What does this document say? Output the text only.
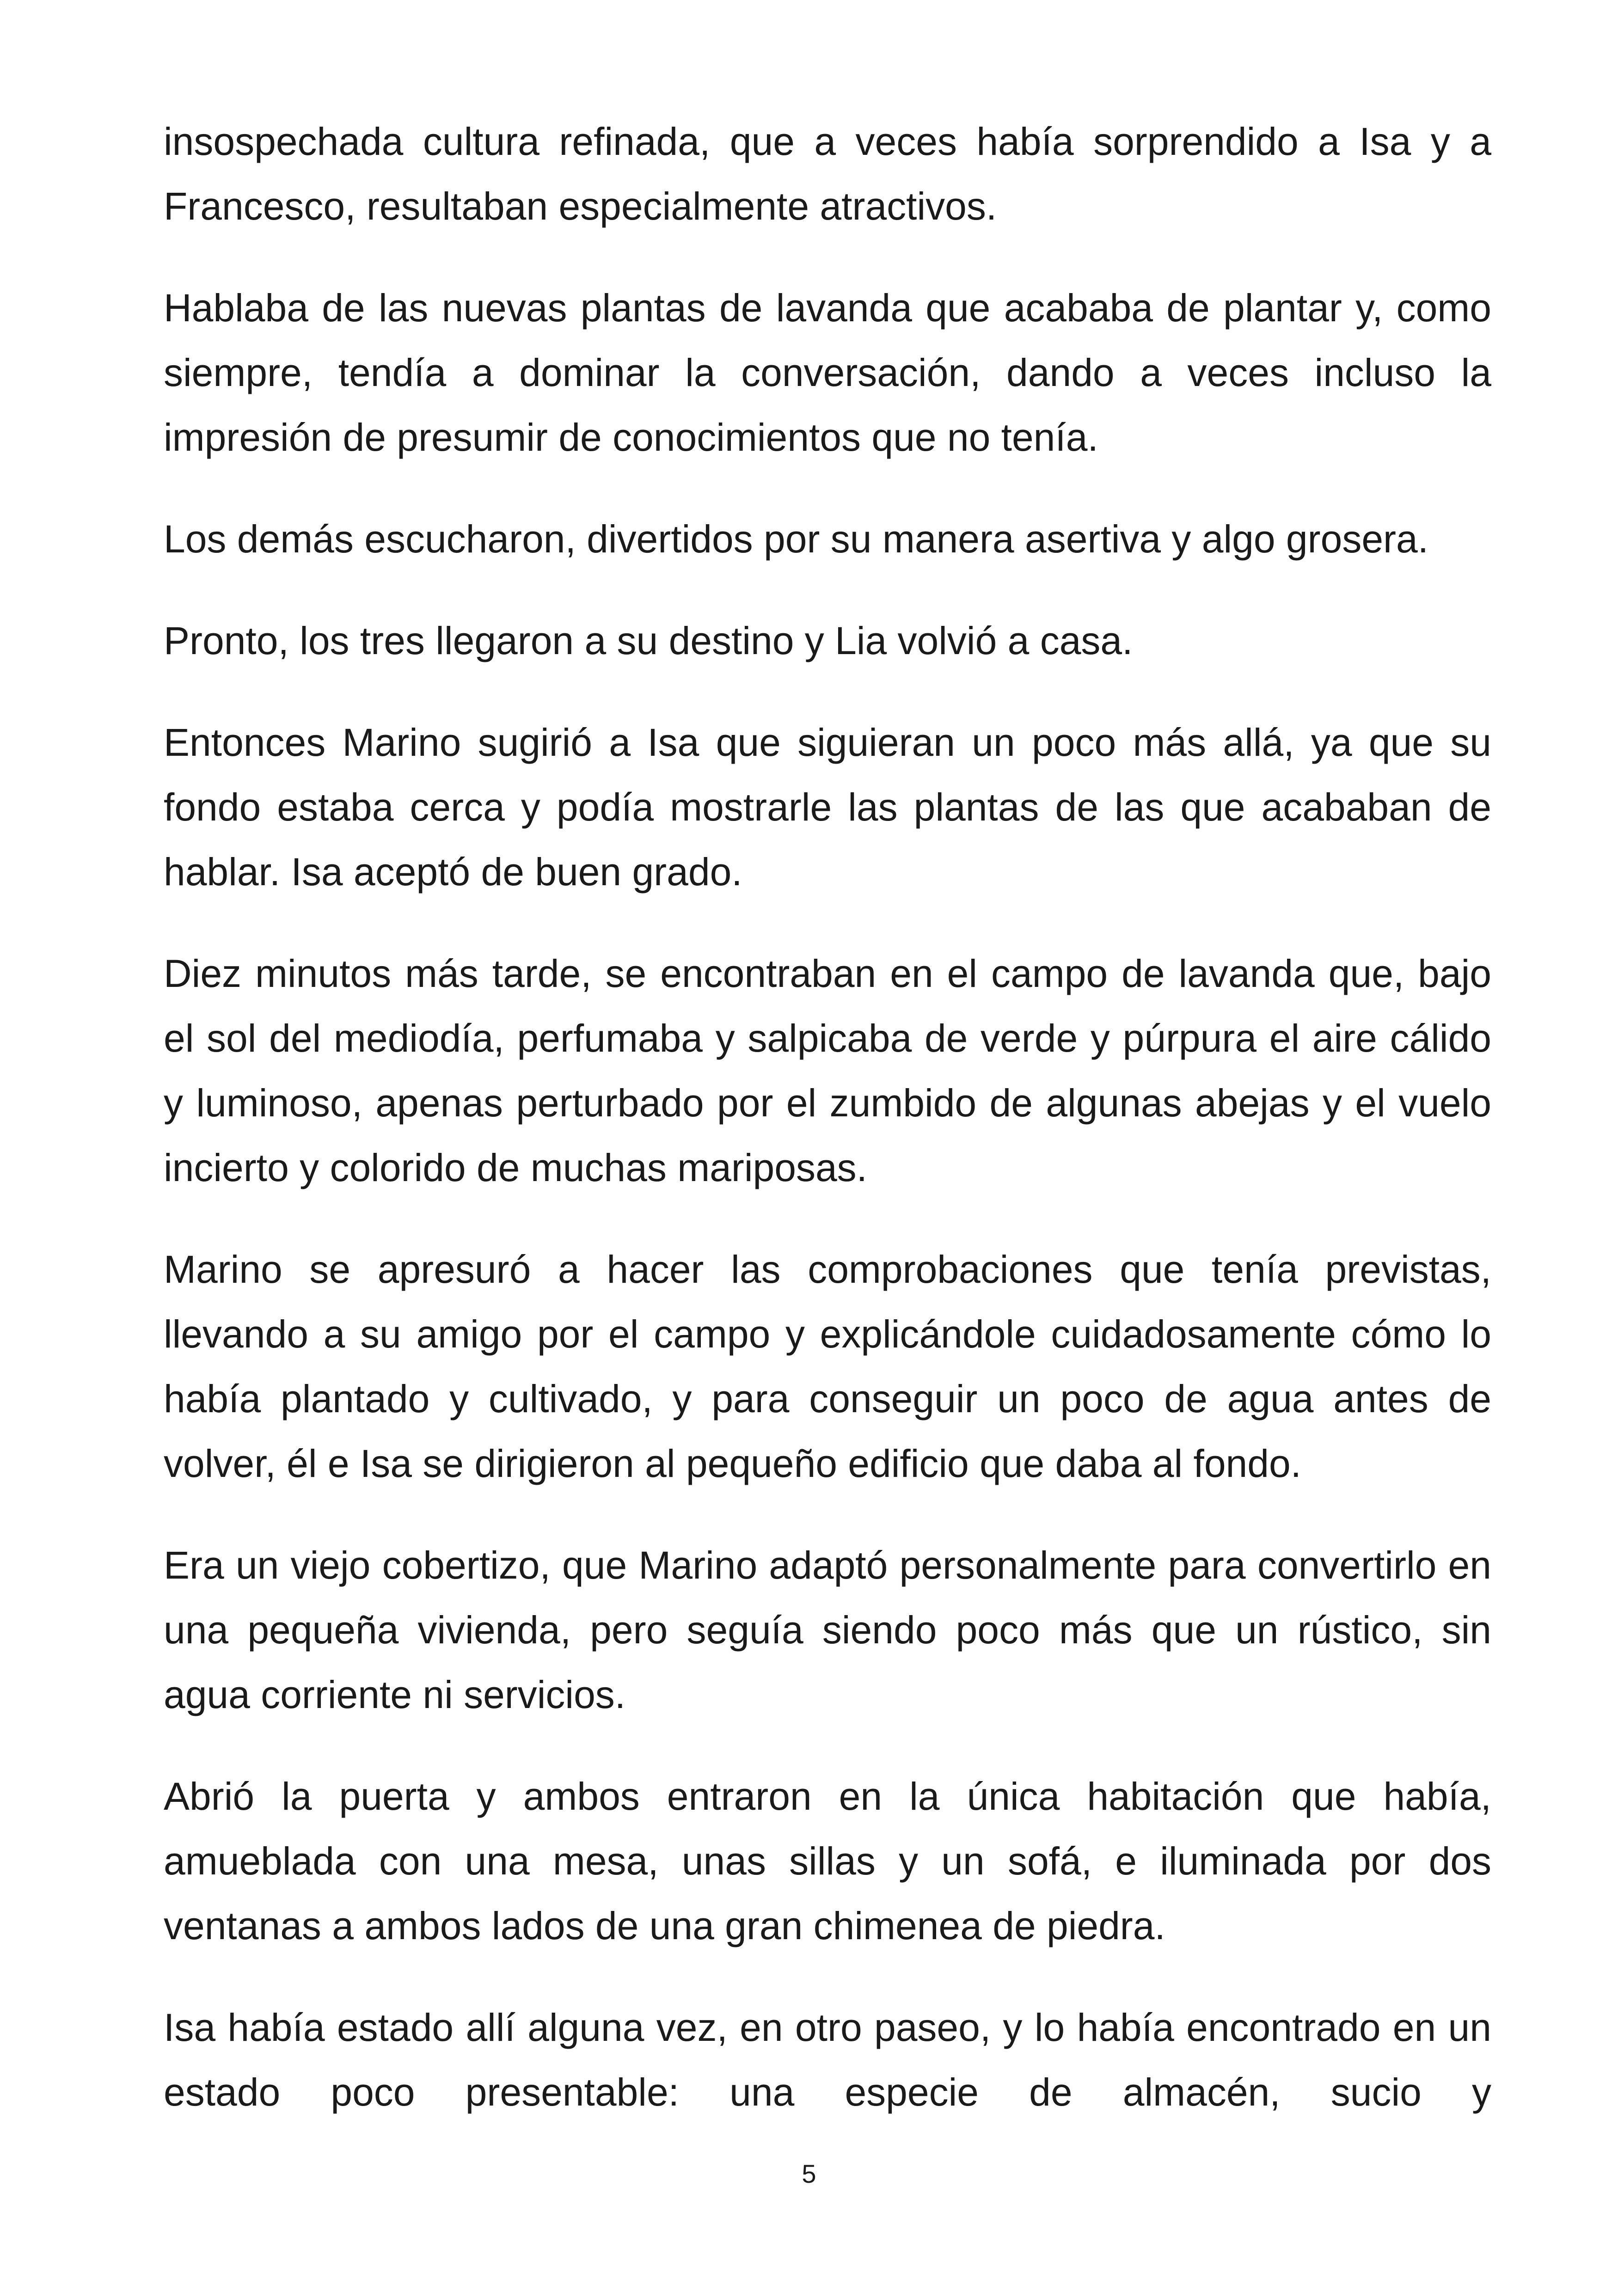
insospechada cultura refinada, que a veces había sorprendido a Isa y a Francesco, resultaban especialmente atractivos.

Hablaba de las nuevas plantas de lavanda que acababa de plantar y, como siempre, tendía a dominar la conversación, dando a veces incluso la impresión de presumir de conocimientos que no tenía.

Los demás escucharon, divertidos por su manera asertiva y algo grosera.

Pronto, los tres llegaron a su destino y Lia volvió a casa.

Entonces Marino sugirió a Isa que siguieran un poco más allá, ya que su fondo estaba cerca y podía mostrarle las plantas de las que acababan de hablar. Isa aceptó de buen grado.

Diez minutos más tarde, se encontraban en el campo de lavanda que, bajo el sol del mediodía, perfumaba y salpicaba de verde y púrpura el aire cálido y luminoso, apenas perturbado por el zumbido de algunas abejas y el vuelo incierto y colorido de muchas mariposas.

Marino se apresuró a hacer las comprobaciones que tenía previstas, llevando a su amigo por el campo y explicándole cuidadosamente cómo lo había plantado y cultivado, y para conseguir un poco de agua antes de volver, él e Isa se dirigieron al pequeño edificio que daba al fondo.

Era un viejo cobertizo, que Marino adaptó personalmente para convertirlo en una pequeña vivienda, pero seguía siendo poco más que un rústico, sin agua corriente ni servicios.

Abrió la puerta y ambos entraron en la única habitación que había, amueblada con una mesa, unas sillas y un sofá, e iluminada por dos ventanas a ambos lados de una gran chimenea de piedra.

Isa había estado allí alguna vez, en otro paseo, y lo había encontrado en un estado poco presentable: una especie de almacén, sucio y

5
